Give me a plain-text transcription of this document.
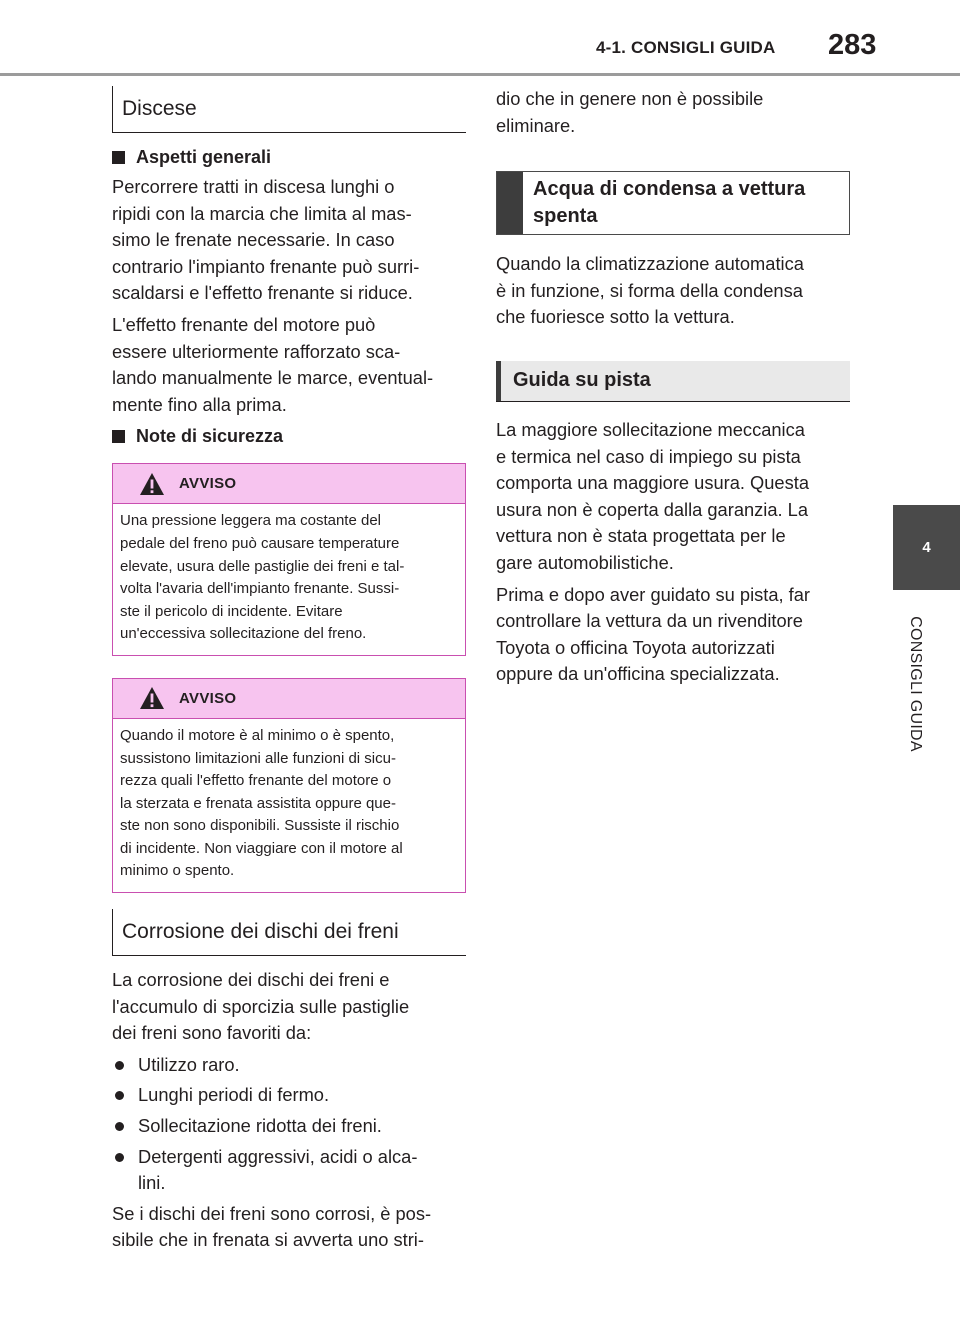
4-1. CONSIGLI GUIDA 283
4
CONSIGLI GUIDA
Discese
Aspetti generali
Percorrere tratti in discesa lunghi o
ripidi con la marcia che limita al mas-
simo le frenate necessarie. In caso
contrario l'impianto frenante può surri-
scaldarsi e l'effetto frenante si riduce.
L'effetto frenante del motore può
essere ulteriormente rafforzato sca-
lando manualmente le marce, eventual-
mente fino alla prima.
Note di sicurezza
AVVISO
Una pressione leggera ma costante del
pedale del freno può causare temperature
elevate, usura delle pastiglie dei freni e tal-
volta l'avaria dell'impianto frenante. Sussi-
ste il pericolo di incidente. Evitare
un'eccessiva sollecitazione del freno.
AVVISO
Quando il motore è al minimo o è spento,
sussistono limitazioni alle funzioni di sicu-
rezza quali l'effetto frenante del motore o
la sterzata e frenata assistita oppure que-
ste non sono disponibili. Sussiste il rischio
di incidente. Non viaggiare con il motore al
minimo o spento.
Corrosione dei dischi dei freni
La corrosione dei dischi dei freni e
l'accumulo di sporcizia sulle pastiglie
dei freni sono favoriti da:
Utilizzo raro.
Lunghi periodi di fermo.
Sollecitazione ridotta dei freni.
Detergenti aggressivi, acidi o alca-
lini.
Se i dischi dei freni sono corrosi, è pos-
sibile che in frenata si avverta uno stri-
dio che in genere non è possibile
eliminare.
Acqua di condensa a vettura
spenta
Quando la climatizzazione automatica
è in funzione, si forma della condensa
che fuoriesce sotto la vettura.
Guida su pista
La maggiore sollecitazione meccanica
e termica nel caso di impiego su pista
comporta una maggiore usura. Questa
usura non è coperta dalla garanzia. La
vettura non è stata progettata per le
gare automobilistiche.
Prima e dopo aver guidato su pista, far
controllare la vettura da un rivenditore
Toyota o officina Toyota autorizzati
oppure da un'officina specializzata.
